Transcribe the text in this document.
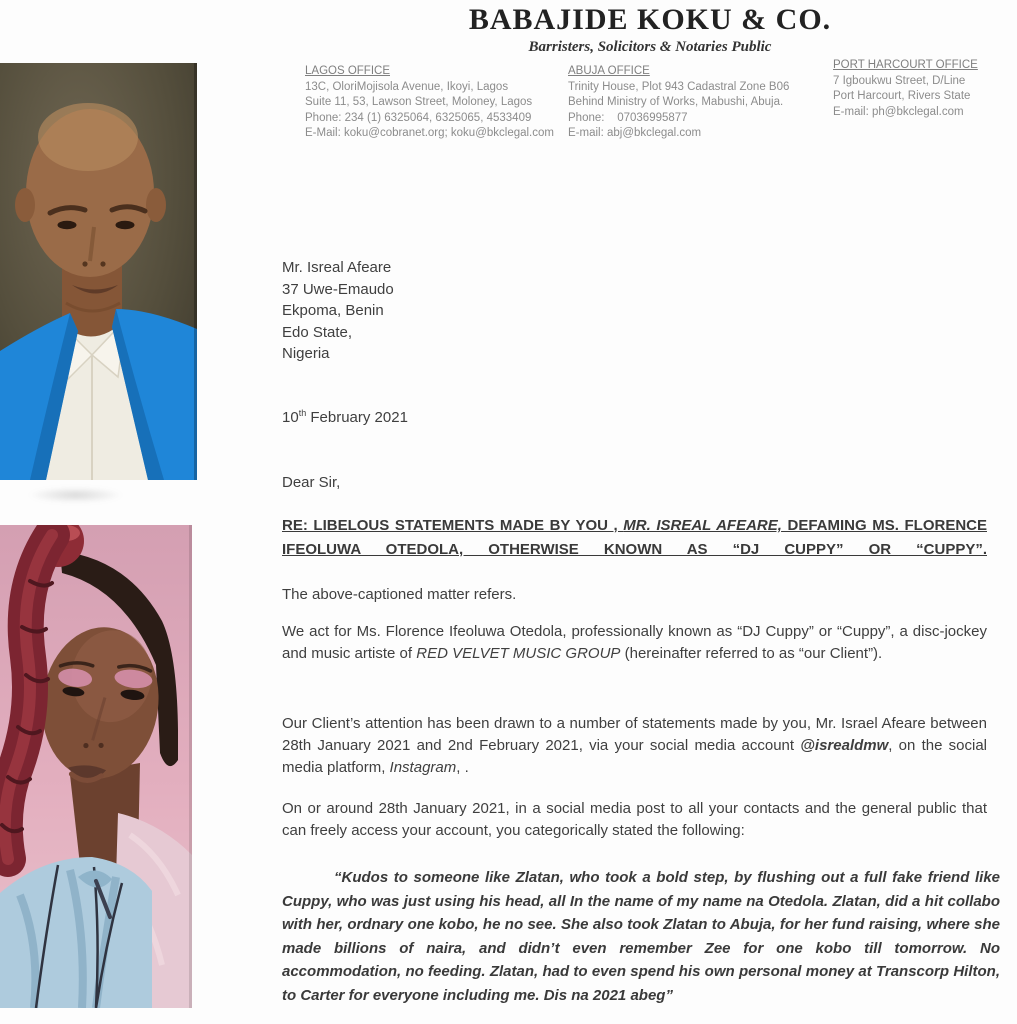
BABAJIDE KOKU & CO.
Barristers, Solicitors & Notaries Public
LAGOS OFFICE
13C, OloriMojisola Avenue, Ikoyi, Lagos
Suite 11, 53, Lawson Street, Moloney, Lagos
Phone: 234 (1) 6325064, 6325065, 4533409
E-Mail: koku@cobranet.org; koku@bkclegal.com
ABUJA OFFICE
Trinity House, Plot 943 Cadastral Zone B06
Behind Ministry of Works, Mabushi, Abuja.
Phone:    07036995877
E-mail: abj@bkclegal.com
PORT HARCOURT OFFICE
7 Igboukwu Street, D/Line
Port Harcourt, Rivers State
E-mail: ph@bkclegal.com
Mr. Isreal Afeare
37 Uwe-Emaudo
Ekpoma, Benin
Edo State,
Nigeria
10th February 2021
Dear Sir,
RE: LIBELOUS STATEMENTS MADE BY YOU , MR. ISREAL AFEARE, DEFAMING MS. FLORENCE IFEOLUWA OTEDOLA, OTHERWISE KNOWN AS “DJ CUPPY” OR “CUPPY”.

The above-captioned matter refers.

We act for Ms. Florence Ifeoluwa Otedola, professionally known as “DJ Cuppy” or “Cuppy”, a disc-jockey and music artiste of RED VELVET MUSIC GROUP (hereinafter referred to as “our Client”).

Our Client’s attention has been drawn to a number of statements made by you, Mr. Israel Afeare between 28th January 2021 and 2nd February 2021, via your social media account @isrealdmw, on the social media platform, Instagram, .

On or around 28th January 2021, in a social media post to all your contacts and the general public that can freely access your account, you categorically stated the following:

“Kudos to someone like Zlatan, who took a bold step, by flushing out a full fake friend like Cuppy, who was just using his head, all In the name of my name na Otedola. Zlatan, did a hit collabo with her, ordnary one kobo, he no see. She also took Zlatan to Abuja, for her fund raising, where she made billions of naira, and didn’t even remember Zee for one kobo till tomorrow. No accommodation, no feeding. Zlatan, had to even spend his own personal money at Transcorp Hilton, to Carter for everyone including me. Dis na 2021 abeg”
